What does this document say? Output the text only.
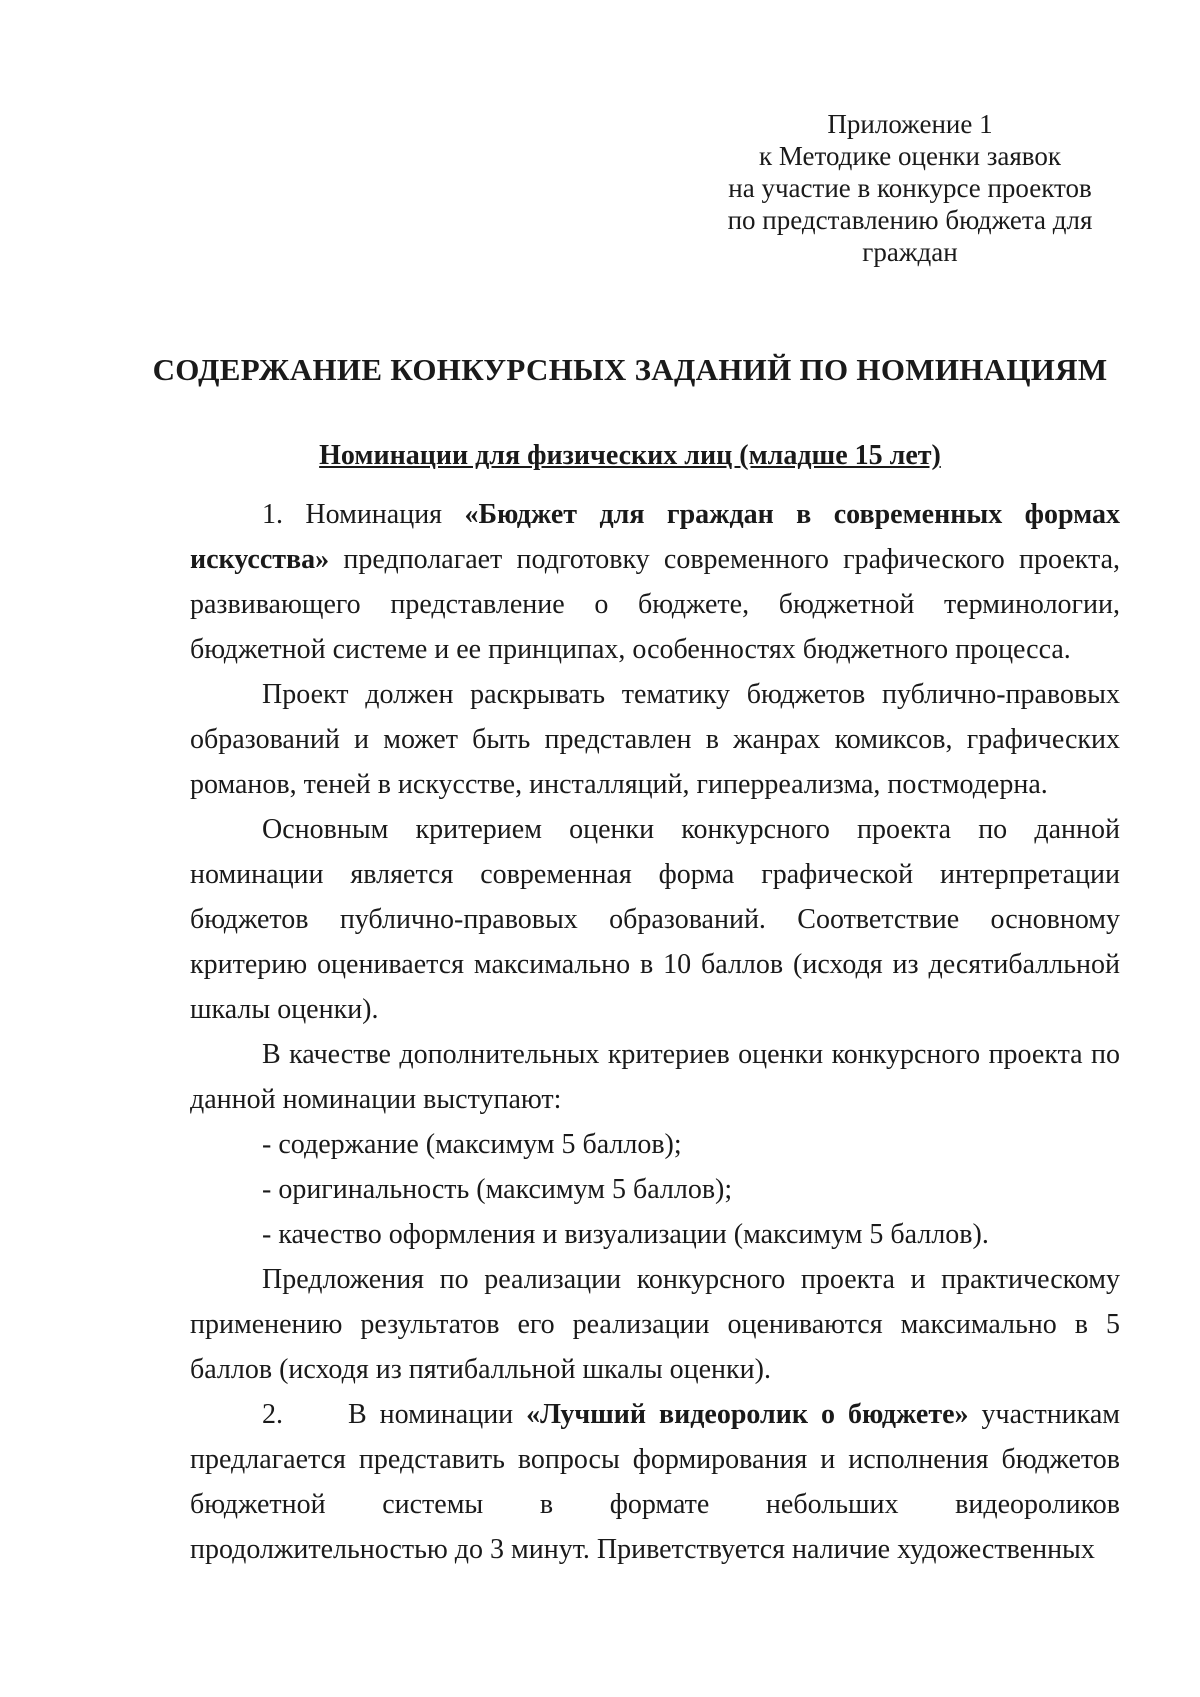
Приложение 1
к Методике оценки заявок
на участие в конкурсе проектов
по представлению бюджета для
граждан
СОДЕРЖАНИЕ КОНКУРСНЫХ ЗАДАНИЙ ПО НОМИНАЦИЯМ
Номинации для физических лиц (младше 15 лет)

1. Номинация «Бюджет для граждан в современных формах искусства» предполагает подготовку современного графического проекта, развивающего представление о бюджете, бюджетной терминологии, бюджетной системе и ее принципах, особенностях бюджетного процесса.

Проект должен раскрывать тематику бюджетов публично-правовых образований и может быть представлен в жанрах комиксов, графических романов, теней в искусстве, инсталляций, гиперреализма, постмодерна.

Основным критерием оценки конкурсного проекта по данной номинации является современная форма графической интерпретации бюджетов публично-правовых образований. Соответствие основному критерию оценивается максимально в 10 баллов (исходя из десятибалльной шкалы оценки).

В качестве дополнительных критериев оценки конкурсного проекта по данной номинации выступают:

- содержание (максимум 5 баллов);

- оригинальность (максимум 5 баллов);

- качество оформления и визуализации (максимум 5 баллов).

Предложения по реализации конкурсного проекта и практическому применению результатов его реализации оцениваются максимально в 5 баллов (исходя из пятибалльной шкалы оценки).

2.     В номинации «Лучший видеоролик о бюджете» участникам предлагается представить вопросы формирования и исполнения бюджетов бюджетной системы в формате небольших видеороликов продолжительностью до 3 минут. Приветствуется наличие художественных
